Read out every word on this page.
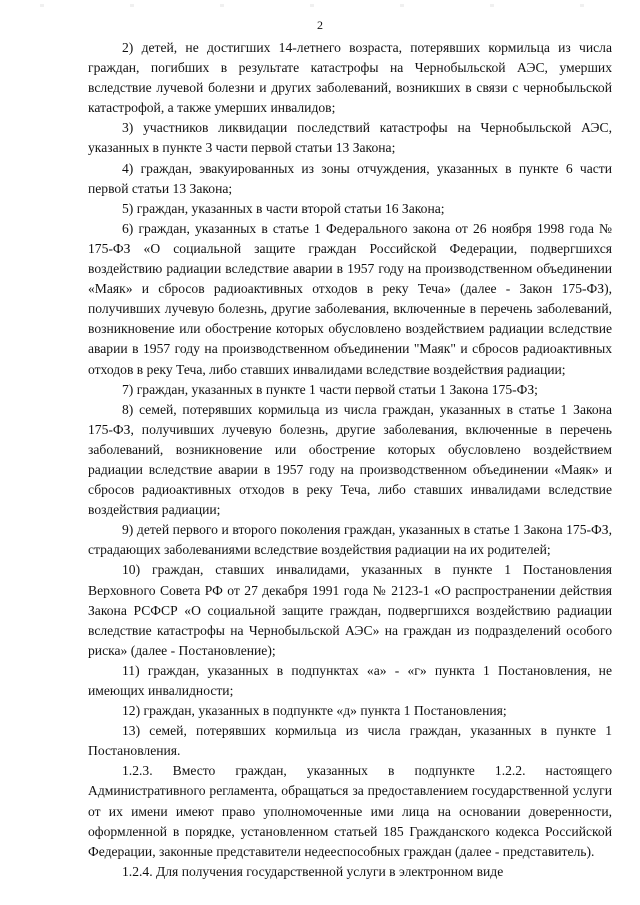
2

2) детей, не достигших 14-летнего возраста, потерявших кормильца из числа граждан, погибших в результате катастрофы на Чернобыльской АЭС, умерших вследствие лучевой болезни и других заболеваний, возникших в связи с чернобыльской катастрофой, а также умерших инвалидов;

3) участников ликвидации последствий катастрофы на Чернобыльской АЭС, указанных в пункте 3 части первой статьи 13 Закона;

4) граждан, эвакуированных из зоны отчуждения, указанных в пункте 6 части первой статьи 13 Закона;

5) граждан, указанных в части второй статьи 16 Закона;

6) граждан, указанных в статье 1 Федерального закона от 26 ноября 1998 года № 175-ФЗ «О социальной защите граждан Российской Федерации, подвергшихся воздействию радиации вследствие аварии в 1957 году на производственном объединении «Маяк» и сбросов радиоактивных отходов в реку Теча» (далее - Закон 175-ФЗ), получивших лучевую болезнь, другие заболевания, включенные в перечень заболеваний, возникновение или обострение которых обусловлено воздействием радиации вследствие аварии в 1957 году на производственном объединении "Маяк" и сбросов радиоактивных отходов в реку Теча, либо ставших инвалидами вследствие воздействия радиации;

7) граждан, указанных в пункте 1 части первой статьи 1 Закона 175-ФЗ;

8) семей, потерявших кормильца из числа граждан, указанных в статье 1 Закона 175-ФЗ, получивших лучевую болезнь, другие заболевания, включенные в перечень заболеваний, возникновение или обострение которых обусловлено воздействием радиации вследствие аварии в 1957 году на производственном объединении «Маяк» и сбросов радиоактивных отходов в реку Теча, либо ставших инвалидами вследствие воздействия радиации;

9) детей первого и второго поколения граждан, указанных в статье 1 Закона 175-ФЗ, страдающих заболеваниями вследствие воздействия радиации на их родителей;

10) граждан, ставших инвалидами, указанных в пункте 1 Постановления Верховного Совета РФ от 27 декабря 1991 года № 2123-1 «О распространении действия Закона РСФСР «О социальной защите граждан, подвергшихся воздействию радиации вследствие катастрофы на Чернобыльской АЭС» на граждан из подразделений особого риска» (далее - Постановление);

11) граждан, указанных в подпунктах «а» - «г» пункта 1 Постановления, не имеющих инвалидности;

12) граждан, указанных в подпункте «д» пункта 1 Постановления;

13) семей, потерявших кормильца из числа граждан, указанных в пункте 1 Постановления.

1.2.3. Вместо граждан, указанных в подпункте 1.2.2. настоящего Административного регламента, обращаться за предоставлением государственной услуги от их имени имеют право уполномоченные ими лица на основании доверенности, оформленной в порядке, установленном статьей 185 Гражданского кодекса Российской Федерации, законные представители недееспособных граждан (далее - представитель).

1.2.4. Для получения государственной услуги в электронном виде
